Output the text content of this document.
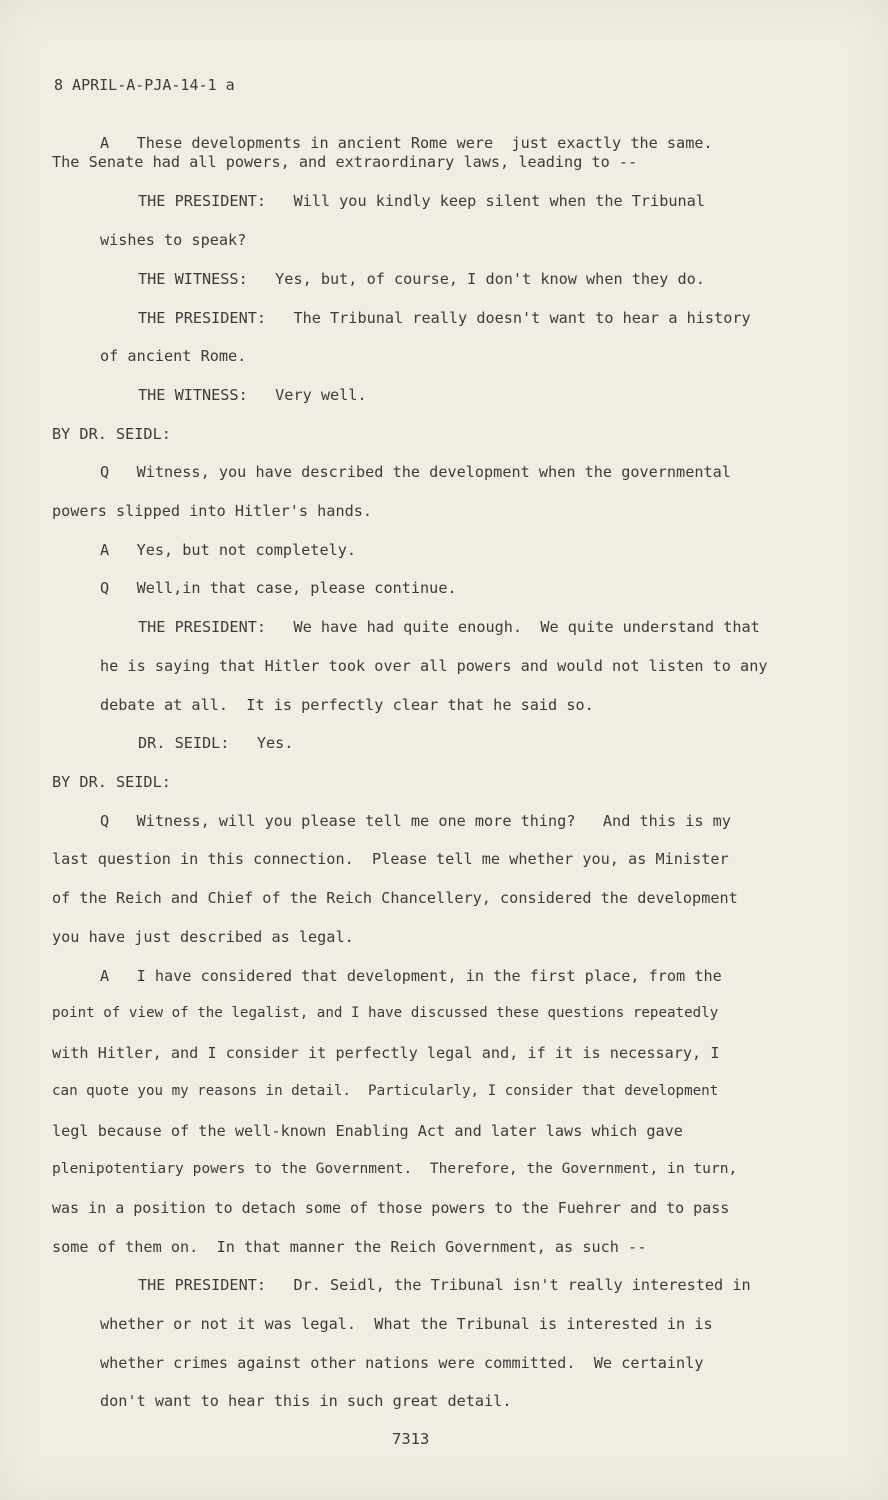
8 APRIL-A-PJA-14-1 a
A   These developments in ancient Rome were  just exactly the same.
The Senate had all powers, and extraordinary laws, leading to --
THE PRESIDENT:   Will you kindly keep silent when the Tribunal
wishes to speak?
THE WITNESS:   Yes, but, of course, I don't know when they do.
THE PRESIDENT:   The Tribunal really doesn't want to hear a history
of ancient Rome.
THE WITNESS:   Very well.
BY DR. SEIDL:
Q   Witness, you have described the development when the governmental
powers slipped into Hitler's hands.
A   Yes, but not completely.
Q   Well,in that case, please continue.
THE PRESIDENT:   We have had quite enough.  We quite understand that
he is saying that Hitler took over all powers and would not listen to any
debate at all.  It is perfectly clear that he said so.
DR. SEIDL:   Yes.
BY DR. SEIDL:
Q   Witness, will you please tell me one more thing?   And this is my
last question in this connection.  Please tell me whether you, as Minister
of the Reich and Chief of the Reich Chancellery, considered the development
you have just described as legal.
A   I have considered that development, in the first place, from the
point of view of the legalist, and I have discussed these questions repeatedly
with Hitler, and I consider it perfectly legal and, if it is necessary, I
can quote you my reasons in detail.  Particularly, I consider that development
legl because of the well-known Enabling Act and later laws which gave
plenipotentiary powers to the Government.  Therefore, the Government, in turn,
was in a position to detach some of those powers to the Fuehrer and to pass
some of them on.  In that manner the Reich Government, as such --
THE PRESIDENT:   Dr. Seidl, the Tribunal isn't really interested in
whether or not it was legal.  What the Tribunal is interested in is
whether crimes against other nations were committed.  We certainly
don't want to hear this in such great detail.
7313
